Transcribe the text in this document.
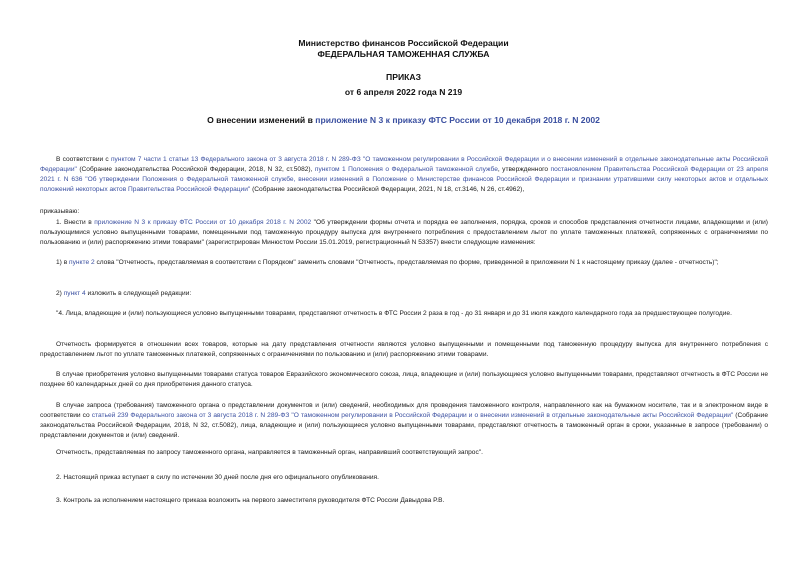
Министерство финансов Российской Федерации
ФЕДЕРАЛЬНАЯ ТАМОЖЕННАЯ СЛУЖБА
ПРИКАЗ
от 6 апреля 2022 года N 219
О внесении изменений в приложение N 3 к приказу ФТС России от 10 декабря 2018 г. N 2002
В соответствии с пунктом 7 части 1 статьи 13 Федерального закона от 3 августа 2018 г. N 289-ФЗ "О таможенном регулировании в Российской Федерации и о внесении изменений в отдельные законодательные акты Российской Федерации" (Собрание законодательства Российской Федерации, 2018, N 32, ст.5082), пунктом 1 Положения о Федеральной таможенной службе, утвержденного постановлением Правительства Российской Федерации от 23 апреля 2021 г. N 636 "Об утверждении Положения о Федеральной таможенной службе, внесении изменений в Положение о Министерстве финансов Российской Федерации и признании утратившими силу некоторых актов и отдельных положений некоторых актов Правительства Российской Федерации" (Собрание законодательства Российской Федерации, 2021, N 18, ст.3146, N 26, ст.4962),
приказываю:
1. Внести в приложение N 3 к приказу ФТС России от 10 декабря 2018 г. N 2002 "Об утверждении формы отчета и порядка ее заполнения, порядка, сроков и способов представления отчетности лицами, владеющими и (или) пользующимися условно выпущенными товарами, помещенными под таможенную процедуру выпуска для внутреннего потребления с предоставлением льгот по уплате таможенных платежей, сопряженных с ограничениями по пользованию и (или) распоряжению этими товарами" (зарегистрирован Минюстом России 15.01.2019, регистрационный N 53357) внести следующие изменения:
1) в пункте 2 слова "Отчетность, представляемая в соответствии с Порядком" заменить словами "Отчетность, представляемая по форме, приведенной в приложении N 1 к настоящему приказу (далее - отчетность)";
2) пункт 4 изложить в следующей редакции:
"4. Лица, владеющие и (или) пользующиеся условно выпущенными товарами, представляют отчетность в ФТС России 2 раза в год - до 31 января и до 31 июля каждого календарного года за предшествующее полугодие.
Отчетность формируется в отношении всех товаров, которые на дату представления отчетности являются условно выпущенными и помещенными под таможенную процедуру выпуска для внутреннего потребления с предоставлением льгот по уплате таможенных платежей, сопряженных с ограничениями по пользованию и (или) распоряжению этими товарами.
В случае приобретения условно выпущенными товарами статуса товаров Евразийского экономического союза, лица, владеющие и (или) пользующиеся условно выпущенными товарами, представляют отчетность в ФТС России не позднее 60 календарных дней со дня приобретения данного статуса.
В случае запроса (требования) таможенного органа о представлении документов и (или) сведений, необходимых для проведения таможенного контроля, направленного как на бумажном носителе, так и в электронном виде в соответствии со статьей 239 Федерального закона от 3 августа 2018 г. N 289-ФЗ "О таможенном регулировании в Российской Федерации и о внесении изменений в отдельные законодательные акты Российской Федерации" (Собрание законодательства Российской Федерации, 2018, N 32, ст.5082), лица, владеющие и (или) пользующиеся условно выпущенными товарами, представляют отчетность в таможенный орган в сроки, указанные в запросе (требовании) о представлении документов и (или) сведений.
Отчетность, представляемая по запросу таможенного органа, направляется в таможенный орган, направивший соответствующий запрос".
2. Настоящий приказ вступает в силу по истечении 30 дней после дня его официального опубликования.
3. Контроль за исполнением настоящего приказа возложить на первого заместителя руководителя ФТС России Давыдова Р.В.
